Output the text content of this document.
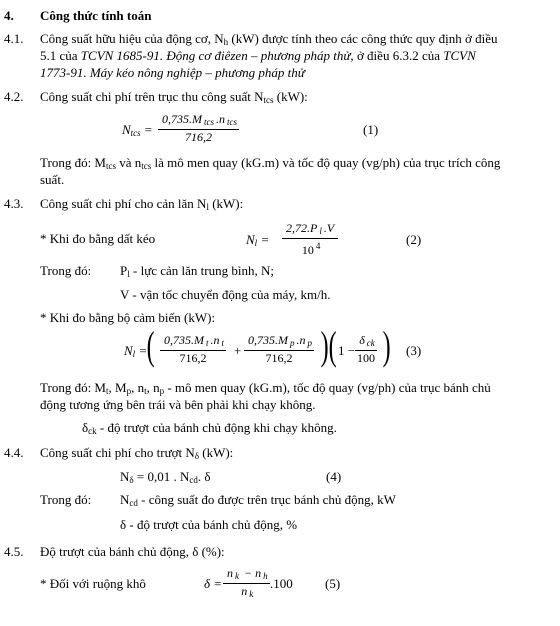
4. Công thức tính toán
4.1. Công suất hữu hiệu của động cơ, $N_h$ (kW) được tính theo các công thức quy định ở điều
5.1 của TCVN 1685-91. Động cơ điêzen – phương pháp thử, ở điều 6.3.2 của TCVN
1773-91. Máy kéo nông nghiệp – phương pháp thử
4.2. Công suất chi phí trên trục thu công suất $N_{tcs}$ (kW):
$N_{tcs}$ =
0,735.M $_{tcs}$ .n $_{tcs}$
716,2	(1)
Trong đó: $M_{tcs}$ và $n_{tcs}$ là mô men quay (kG.m) và tốc độ quay (vg/ph) của trục trích công
suất.
4.3. Công suất chi phí cho cản lăn $N_l$ (kW):
* Khi đo bằng dất kéo	$N_l$ =
2,72.P $_l$ .V
10 $^4$	(2)
Trong đó: $P_l$ - lực cản lăn trung bình, N;
V - vận tốc chuyển động của máy, km/h.
* Khi đo bằng bộ cảm biến (kW):
$N_l$ = ( 0,735.M $_t$ .n $_t$
716,2 +
0,735.M $_p$ .n $_p$
716,2 ) ( 1 −
δ $_{ck}$
100 ) (3)
Trong đó: $M_t$, $M_p$, $n_t$, $n_p$ - mô men quay (kG.m), tốc độ quay (vg/ph) của trục bánh chủ
động tương ứng bên trái và bên phải khi chạy không.
$\delta_{ck}$ - độ trượt của bánh chủ động khi chạy không.
4.4. Công suất chi phí cho trượt $N_\delta$ (kW):
$N_\delta = 0,01$ . $N_{cd}$. δ	(4)
Trong đó: $N_{cd}$ - công suất đo được trên trục bánh chủ động, kW
δ - độ trượt của bánh chủ động, %
4.5. Độ trượt của bánh chủ động, δ (%):
* Đối với ruộng khô	δ =
n $_k$ − n $_h$
n $_k$
.100 (5)
